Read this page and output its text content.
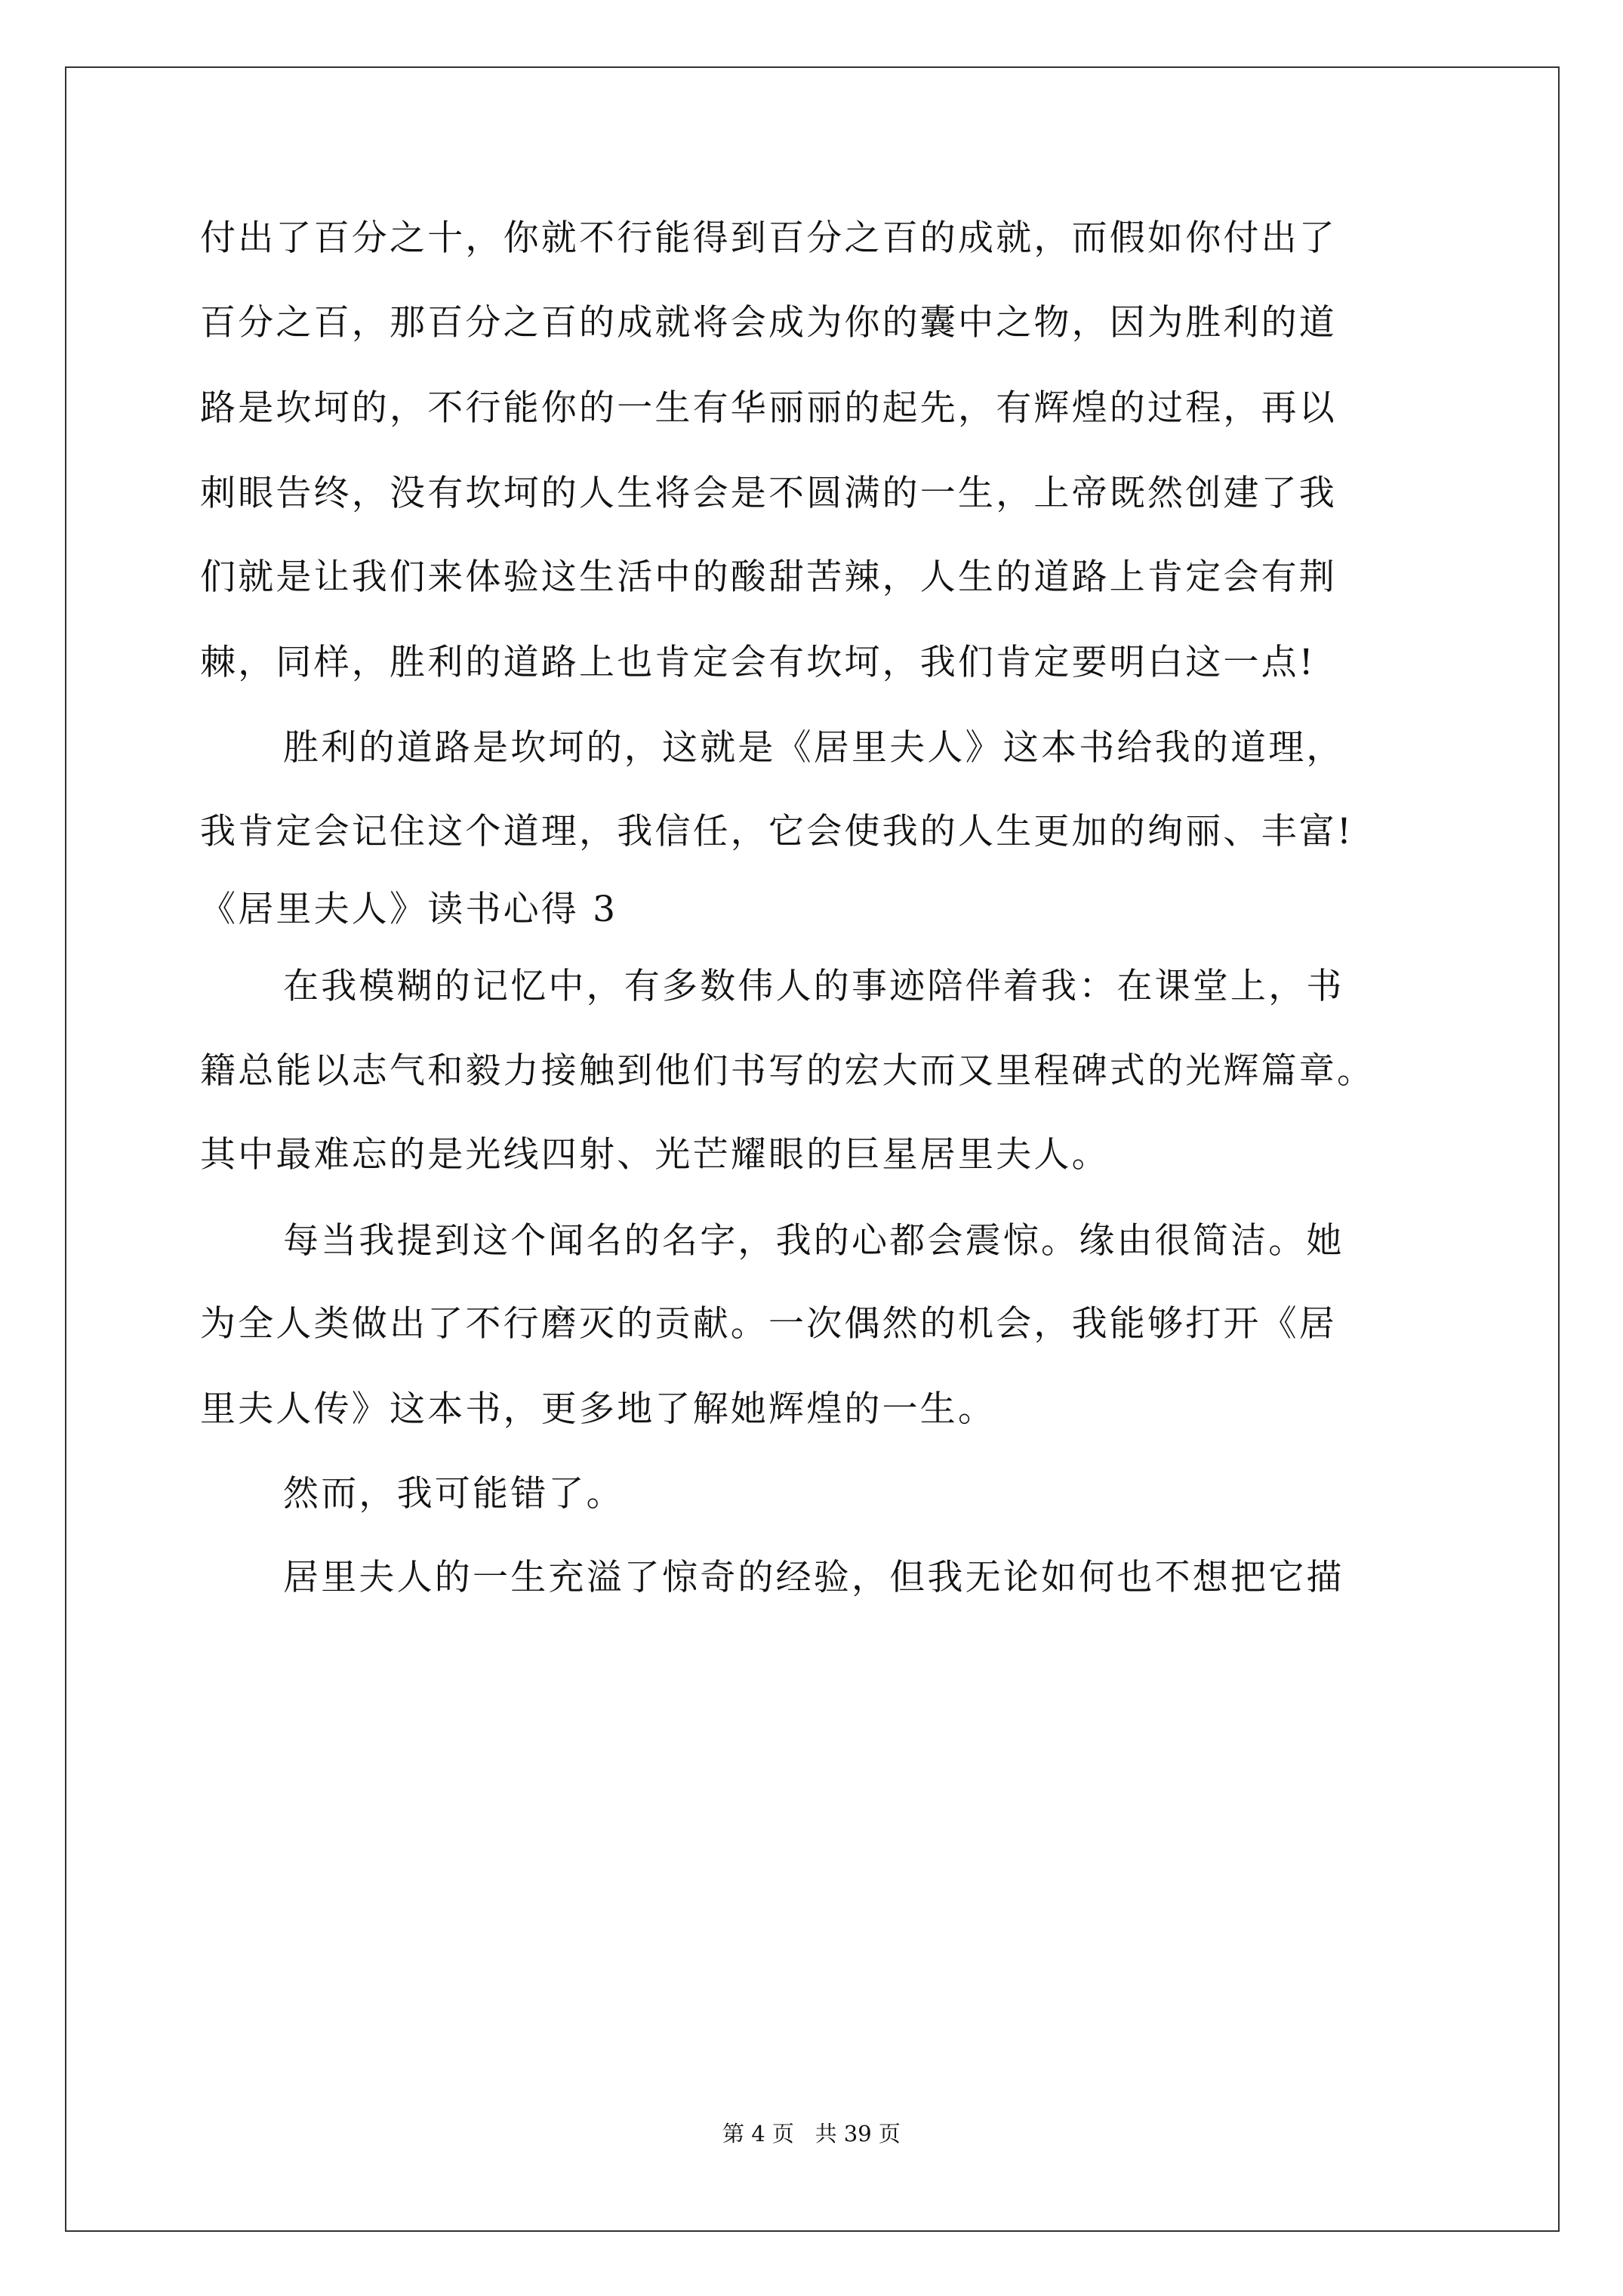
付出了百分之十，你就不行能得到百分之百的成就，而假如你付出了
百分之百，那百分之百的成就将会成为你的囊中之物，因为胜利的道
路是坎坷的，不行能你的一生有华丽丽的起先，有辉煌的过程，再以
刺眼告终，没有坎坷的人生将会是不圆满的一生，上帝既然创建了我
们就是让我们来体验这生活中的酸甜苦辣，人生的道路上肯定会有荆
棘，同样，胜利的道路上也肯定会有坎坷，我们肯定要明白这一点!
胜利的道路是坎坷的，这就是《居里夫人》这本书给我的道理，
我肯定会记住这个道理，我信任，它会使我的人生更加的绚丽、丰富!
《居里夫人》读书心得 3
在我模糊的记忆中，有多数伟人的事迹陪伴着我：在课堂上，书
籍总能以志气和毅力接触到他们书写的宏大而又里程碑式的光辉篇章。
其中最难忘的是光线四射、光芒耀眼的巨星居里夫人。
每当我提到这个闻名的名字，我的心都会震惊。缘由很简洁。她
为全人类做出了不行磨灭的贡献。一次偶然的机会，我能够打开《居
里夫人传》这本书，更多地了解她辉煌的一生。
然而，我可能错了。
居里夫人的一生充溢了惊奇的经验，但我无论如何也不想把它描
第 4 页   共 39 页
